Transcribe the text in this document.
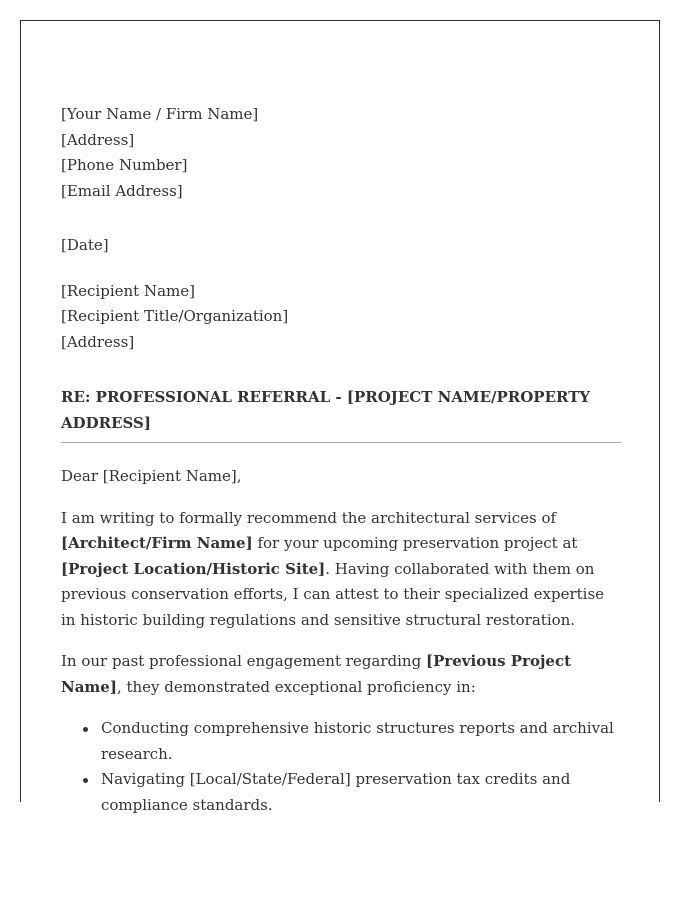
[Your Name / Firm Name]
[Address]
[Phone Number]
[Email Address]
[Date]
[Recipient Name]
[Recipient Title/Organization]
[Address]
RE: PROFESSIONAL REFERRAL - [PROJECT NAME/PROPERTY
ADDRESS]

Dear [Recipient Name],

I am writing to formally recommend the architectural services of [Architect/Firm Name] for your upcoming preservation project at [Project Location/Historic Site]. Having collaborated with them on previous conservation efforts, I can attest to their specialized expertise in historic building regulations and sensitive structural restoration.

In our past professional engagement regarding [Previous Project Name], they demonstrated exceptional proficiency in:

Conducting comprehensive historic structures reports and archival research.
Navigating [Local/State/Federal] preservation tax credits and compliance standards.
